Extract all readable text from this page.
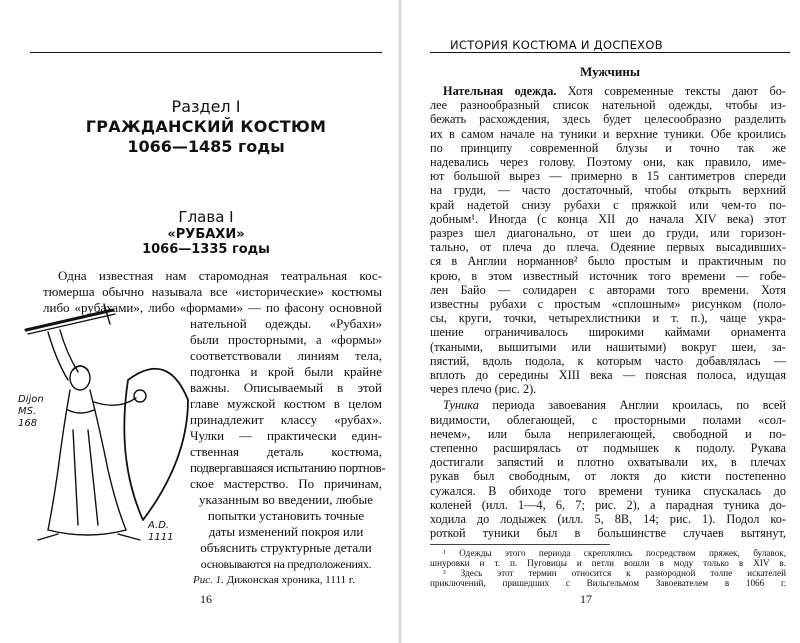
Раздел I
ГРАЖДАНСКИЙ КОСТЮМ
1066—1485 годы
Глава I
«РУБАХИ»
1066—1335 годы
Одна известная нам старомодная театральная кос-
тюмерша обычно называла все «исторические» костюмы
либо «рубахами», либо «формами» — по фасону основной
нательной одежды. «Рубахи»
были просторными, а «формы»
соответствовали линиям тела,
подгонка и крой были крайне
важны. Описываемый в этой
главе мужской костюм в целом
принадлежит классу «рубах».
Чулки — практически един-
ственная деталь костюма,
подвергавшаяся испытанию портнов-
ское мастерство. По причинам,
указанным во введении, любые
попытки установить точные
даты изменений покроя или
объяснить структурные детали
основываются на предположениях.
Dijon MS. 168
A.D. 1111
Рис. 1. Дижонская хроника, 1111 г.
16
ИСТОРИЯ КОСТЮМА И ДОСПЕХОВ
Мужчины
Нательная одежда. Хотя современные тексты дают бо-
лее разнообразный список нательной одежды, чтобы из-
бежать расхождения, здесь будет целесообразно разделить
их в самом начале на туники и верхние туники. Обе кроились
по принципу современной блузы и точно так же
надевались через голову. Поэтому они, как правило, име-
ют большой вырез — примерно в 15 сантиметров спереди
на груди, — часто достаточный, чтобы открыть верхний
край надетой снизу рубахи с пряжкой или чем-то по-
добным¹. Иногда (с конца XII до начала XIV века) этот
разрез шел диагонально, от шеи до груди, или горизон-
тально, от плеча до плеча. Одеяние первых высадивших-
ся в Англии норманнов² было простым и практичным по
крою, в этом известный источник того времени — гобе-
лен Байо — солидарен с авторами того времени. Хотя
известны рубахи с простым «сплошным» рисунком (поло-
сы, круги, точки, четырехлистники и т. п.), чаще укра-
шение ограничивалось широкими каймами орнамента
(ткаными, вышитыми или нашитыми) вокруг шеи, за-
пястий, вдоль подола, к которым часто добавлялась —
вплоть до середины XIII века — поясная полоса, идущая
через плечо (рис. 2).
Туника периода завоевания Англии кроилась, по всей
видимости, облегающей, с просторными полами «сол-
нечем», или была неприлегающей, свободной и по-
степенно расширялась от подмышек к подолу. Рукава
достигали запястий и плотно охватывали их, в плечах
рукав был свободным, от локтя до кисти постепенно
сужался. В обиходе того времени туника спускалась до
коленей (илл. 1—4, 6, 7; рис. 2), а парадная туника до-
ходила до лодыжек (илл. 5, 8B, 14; рис. 1). Подол ко-
роткой туники был в большинстве случаев вытянут,
¹ Одежды этого периода скреплялись посредством пряжек, булавок,
шнуровки и т. п. Пуговицы и петли вошли в моду только в XIV в.
² Здесь этот термин относится к разнородной толпе искателей
приключений, пришедших с Вильгельмом Завоевателем в 1066 г.
17
